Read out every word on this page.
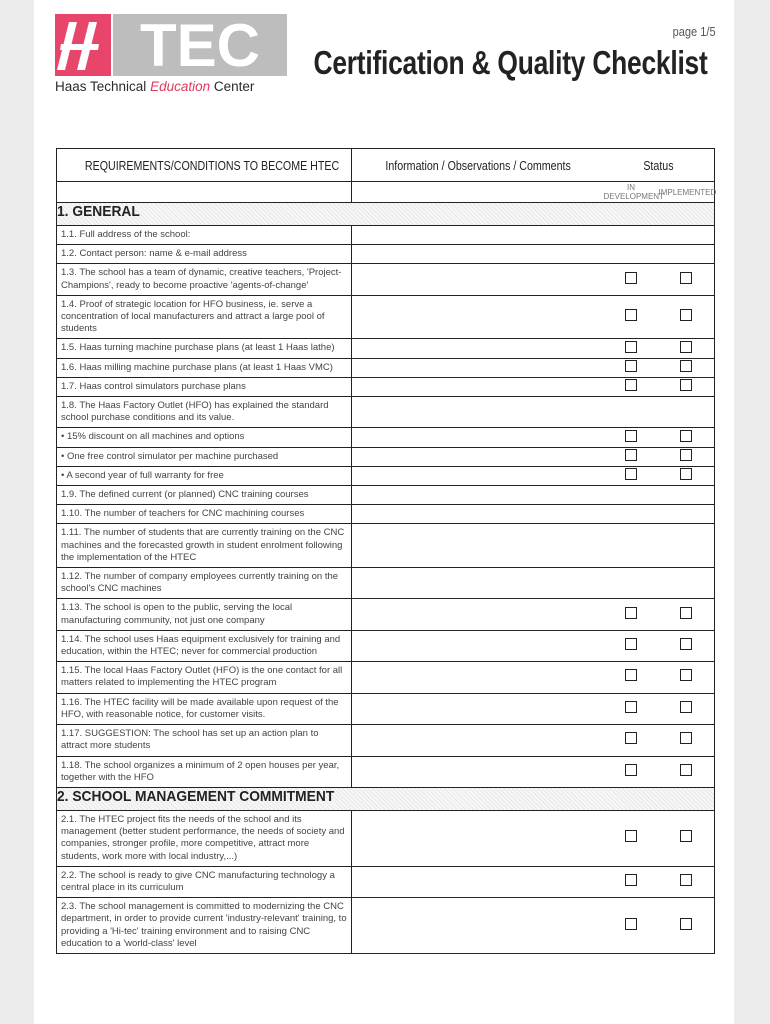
TEC
Haas Technical Education Center
page 1/5
Certification & Quality Checklist
REQUIREMENTS/CONDITIONS TO BECOME HTEC	Information / Observations / Comments	Status	
		IN DEVELOPMENT	IMPLEMENTED
1. GENERAL			
1.1. Full address of the school:			
1.2. Contact person: name & e-mail address			
1.3. The school has a team of dynamic, creative teachers, 'Project-Champions', ready to become proactive 'agents-of-change'			
1.4. Proof of strategic location for HFO business, ie. serve a concentration of local manufacturers and attract a large pool of students			
1.5. Haas turning machine purchase plans (at least 1 Haas lathe)			
1.6. Haas milling machine purchase plans (at least 1 Haas VMC)			
1.7. Haas control simulators purchase plans			
1.8. The Haas Factory Outlet (HFO) has explained the standard school purchase conditions and its value.			
• 15% discount on all machines and options			
• One free control simulator per machine purchased			
• A second year of full warranty for free			
1.9. The defined current (or planned) CNC training courses			
1.10. The number of teachers for CNC machining courses			
1.11. The number of students that are currently training on the CNC machines and the forecasted growth in student enrolment following the implementation of the HTEC			
1.12. The number of company employees currently training on the school's CNC machines			
1.13. The school is open to the public, serving the local manufacturing community, not just one company			
1.14. The school uses Haas equipment exclusively for training and education, within the HTEC; never for commercial production			
1.15. The local Haas Factory Outlet (HFO) is the one contact for all matters related to implementing the HTEC program			
1.16. The HTEC facility will be made available upon request of the HFO, with reasonable notice, for customer visits.			
1.17. SUGGESTION: The school has set up an action plan to attract more students			
1.18. The school organizes a minimum of 2 open houses per year, together with the HFO			
2. SCHOOL MANAGEMENT COMMITMENT			
2.1. The HTEC project fits the needs of the school and its management (better student performance, the needs of society and companies, stronger profile, more competitive, attract more students, work more with local industry,...)			
2.2. The school is ready to give CNC manufacturing technology a central place in its curriculum			
2.3. The school management is committed to modernizing the CNC department, in order to provide current 'industry-relevant' training, to providing a 'Hi-tec' training environment and to raising CNC education to a 'world-class' level			
